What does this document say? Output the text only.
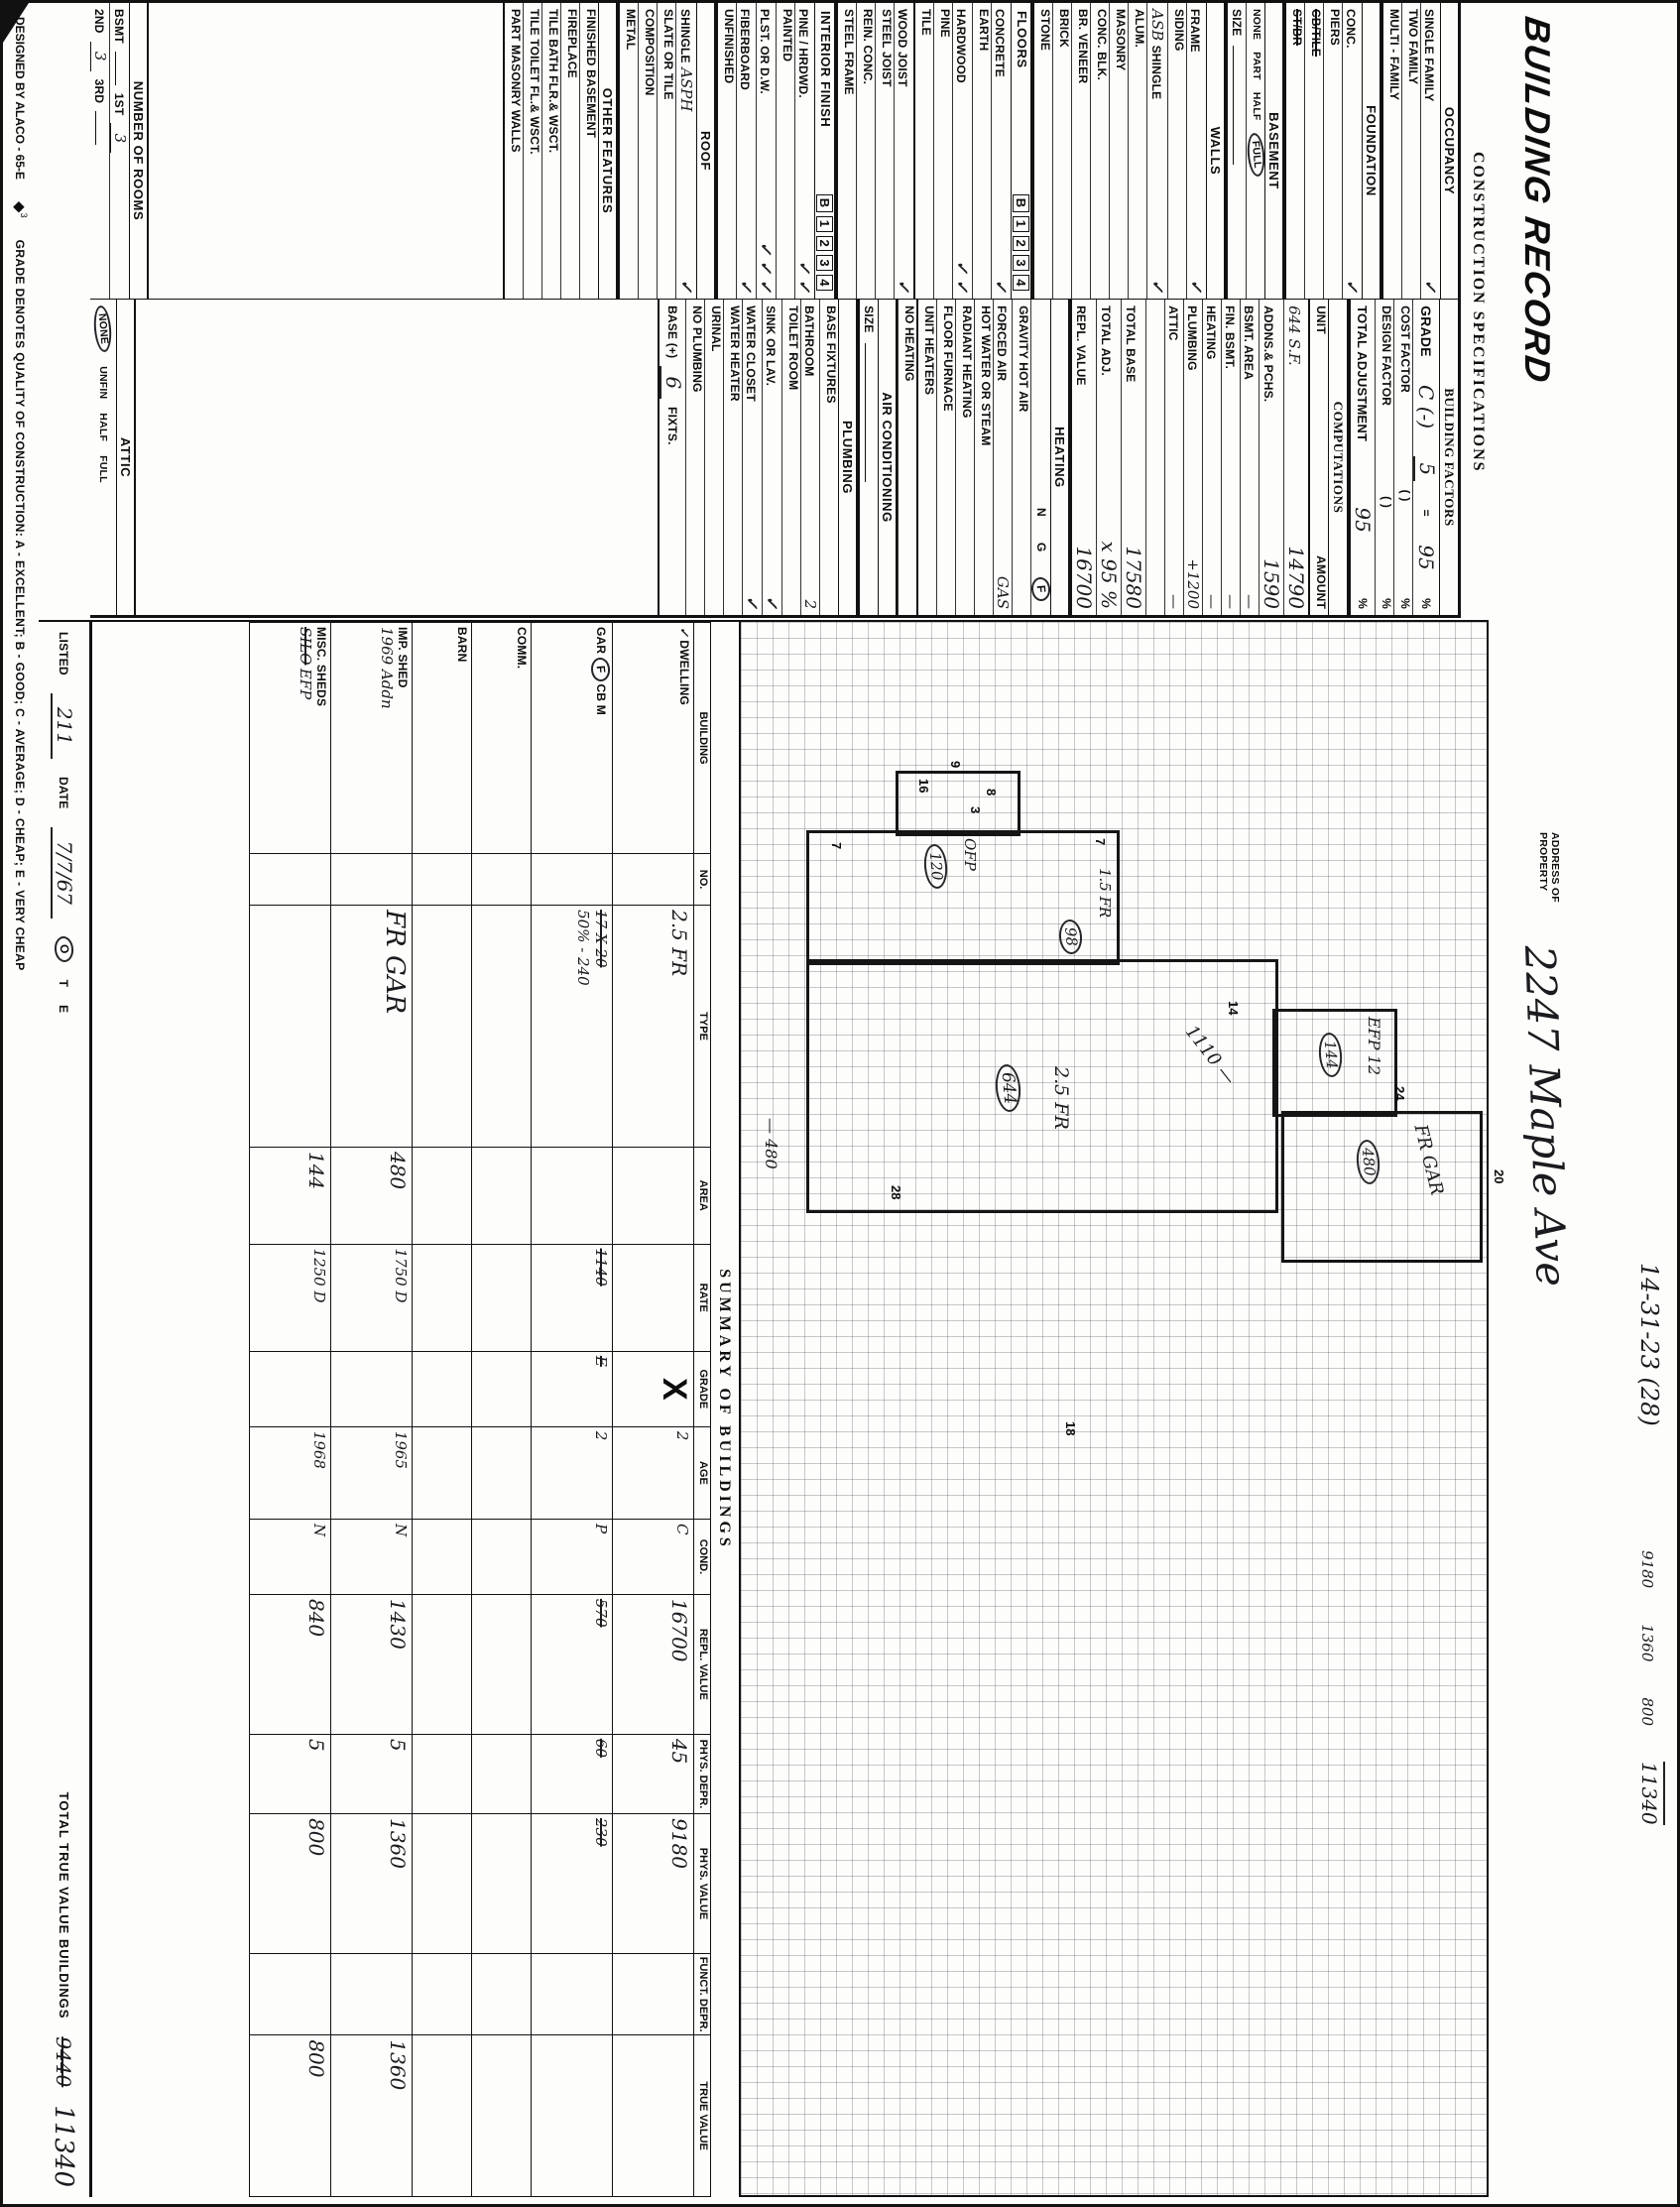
BUILDING RECORD
CONSTRUCTION SPECIFICATIONS
ADDRESS OF
PROPERTY
2247 Maple Ave
14-31-23 (28)
9180
1360
800
11340
OCCUPANCY
SINGLE FAMILY
✓
TWO FAMILY
MULTI - FAMILY
FOUNDATION
CONC.
✓
PIERS
CB/TILE
ST/BR
BASEMENT
NONE
PART
HALF
FULL
SIZE
WALLS
FRAME
✓
SIDING
ASB SHINGLE
✓
ALUM.
MASONRY
CONC. BLK.
BR. VENEER
BRICK
STONE
FLOORS
B
1
2
3
4
CONCRETE
✓
EARTH
HARDWOOD
✓ ✓
PINE
TILE
WOOD JOIST
✓
STEEL JOIST
REIN. CONC.
STEEL FRAME
INTERIOR FINISH
B
1
2
3
4
PINE / HRDWD.
✓ ✓
PAINTED
PLST. OR D.W.
✓ ✓ ✓
FIBERBOARD
✓
UNFINISHED
ROOF
SHINGLE ASPH
✓
SLATE OR TILE
COMPOSITION
METAL
OTHER FEATURES
FINISHED BASEMENT
FIREPLACE
TILE BATH FLR.& WSCT.
TILE TOILET FL.& WSCT.
PART MASONRY WALLS
NUMBER OF ROOMS
BSMT
1ST
3
2ND
3
3RD
BUILDING FACTORS
GRADE
C (-)
5
=
95
%
COST FACTOR
( )
%
DESIGN FACTOR
( )
%
TOTAL ADJUSTMENT
95
%
COMPUTATIONS
UNIT
AMOUNT
644 S.F.
14790
ADDNS.& PCHS.
1590
BSMT. AREA
—
FIN. BSMT.
—
HEATING
—
PLUMBING
+1200
ATTIC
—
TOTAL BASE
17580
TOTAL ADJ.
x 95 %
REPL. VALUE
16700
HEATING
N
G
F
GRAVITY HOT AIR
FORCED AIR
GAS
HOT WATER OR STEAM
RADIANT HEATING
FLOOR FURNACE
UNIT HEATERS
NO HEATING
AIR CONDITIONING
SIZE
PLUMBING
BASE FIXTURES
BATHROOM
2
TOILET ROOM
SINK OR LAV.
✓
WATER CLOSET
✓
WATER HEATER
URINAL
NO PLUMBING
BASE (+)
6
FIXTS.
ATTIC
NONE
UNFIN
HALF
FULL
20
24
FR GAR
480
EFP 12
144
1110 —
14
1.5 FR
98
7
2.5 FR
644
18
8
3
9
16
OFP
120
28
— 480
7
SUMMARY OF BUILDINGS
BUILDING	NO.	TYPE	AREA	RATE	GRADE	AGE	COND.	REPL. VALUE	PHYS. DEPR.	PHYS. VALUE	FUNCT. DEPR.	TRUE VALUE
✓ DWELLING		2.5 FR			X	2	C	16700	45	9180		
GAR F CB M		17 X 20
50% - 240		1140	E	2	P	570	60	230		
COMM.												
BARN												
IMP. SHED
1969 Addn		FR GAR	480	1750 D		1965	N	1430	5	1360		1360
MISC. SHEDS
SILO EFP			144	1250 D		1968	N	840	5	800		800
LISTED
211
DATE
7/7/67
O
T
E
TOTAL TRUE VALUE BUILDINGS
9440
11340
DESIGNED BY ALACO - 65-E
◆$^3$
GRADE DENOTES QUALITY OF CONSTRUCTION: A - EXCELLENT; B - GOOD; C - AVERAGE; D - CHEAP; E - VERY CHEAP
